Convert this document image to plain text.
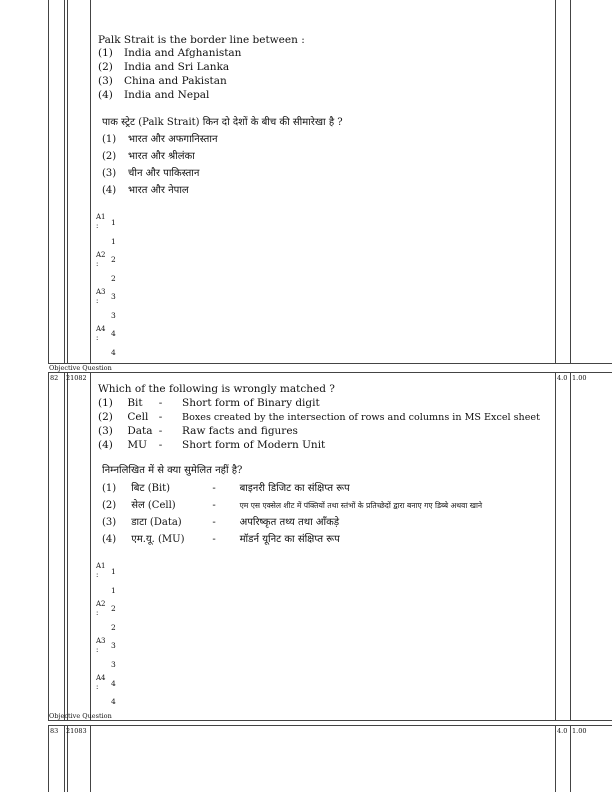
Palk Strait is the border line between :
(1) India and Afghanistan
(2) India and Sri Lanka
(3) China and Pakistan
(4) India and Nepal
पाक स्ट्रेट (Palk Strait) किन दो देशों के बीच की सीमारेखा है ?
(1) भारत और अफगानिस्तान
(2) भारत और श्रीलंका
(3) चीन और पाकिस्तान
(4) भारत और नेपाल
A1
: 1
1
A2
: 2
2
A3
: 3
3
A4
: 4
4
Objective Question
82 21082	4.0 1.00
Which of the following is wrongly matched ?
(1) Bit - Short form of Binary digit
(2) Cell - Boxes created by the intersection of rows and columns in MS Excel sheet
(3) Data - Raw facts and figures
(4) MU - Short form of Modern Unit
निम्नलिखित में से क्या सुमेलित नहीं है?
(1) बिट (Bit)	- बाइनरी डिजिट का संक्षिप्त रूप
(2) सेल (Cell)	-	एम एस एक्सेल शीट में पंक्तियों तथा स्तंभों के प्रतिच्छेदों द्वारा बनाए गए डिब्बे अथवा खाने
(3) डाटा (Data)	- अपरिष्कृत तथ्य तथा आँकड़े
(4) एम.यू. (MU)	- मॉडर्न यूनिट का संक्षिप्त रूप
A1
: 1
1
A2
: 2
2
A3
: 3
3
A4
: 4
4
Objective Question
83 21083	4.0 1.00
